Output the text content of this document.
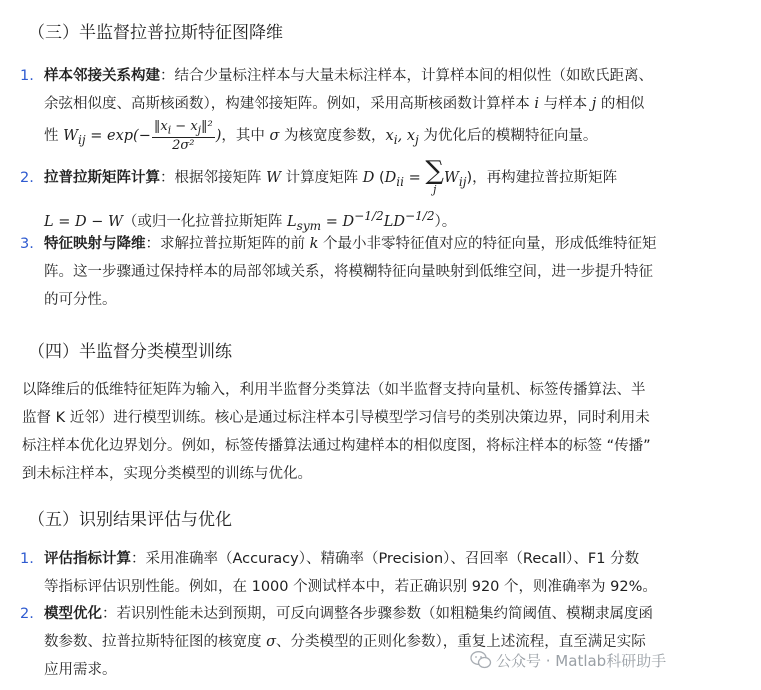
（三）半监督拉普拉斯特征图降维
1. 样本邻接关系构建：结合少量标注样本与大量未标注样本，计算样本间的相似性（如欧氏距离、
余弦相似度、高斯核函数），构建邻接矩阵。例如，采用高斯核函数计算样本 i 与样本 j 的相似
性 $W_{ij} = \exp(- \frac{‖x_i - x_j‖^2}{\text{2σ²}}$ )，其中 σ 为核宽度参数，$x_i$, $x_j$ 为优化后的模糊特征向量。
2. 拉普拉斯矩阵计算：根据邻接矩阵 W 计算度矩阵 D ($D_{ii}$ = ∑
j
$W_{ij}$)，再构建拉普拉斯矩阵
L = D − W（或归一化拉普拉斯矩阵 $L_{sym} = D^{-1/2}LD^{-1/2}$）。
3. 特征映射与降维：求解拉普拉斯矩阵的前 k 个最小非零特征值对应的特征向量，形成低维特征矩
阵。这一步骤通过保持样本的局部邻域关系，将模糊特征向量映射到低维空间，进一步提升特征
的可分性。
（四）半监督分类模型训练
以降维后的低维特征矩阵为输入，利用半监督分类算法（如半监督支持向量机、标签传播算法、半
监督 K 近邻）进行模型训练。核心是通过标注样本引导模型学习信号的类别决策边界，同时利用未
标注样本优化边界划分。例如，标签传播算法通过构建样本的相似度图，将标注样本的标签 “传播”
到未标注样本，实现分类模型的训练与优化。
（五）识别结果评估与优化
1. 评估指标计算：采用准确率（Accuracy）、精确率（Precision）、召回率（Recall）、F1 分数
等指标评估识别性能。例如，在 1000 个测试样本中，若正确识别 920 个，则准确率为 92%。
2. 模型优化：若识别性能未达到预期，可反向调整各步骤参数（如粗糙集约简阈值、模糊隶属度函
数参数、拉普拉斯特征图的核宽度 σ、分类模型的正则化参数），重复上述流程，直至满足实际
应用需求。	公众号 · Matlab科研助手
